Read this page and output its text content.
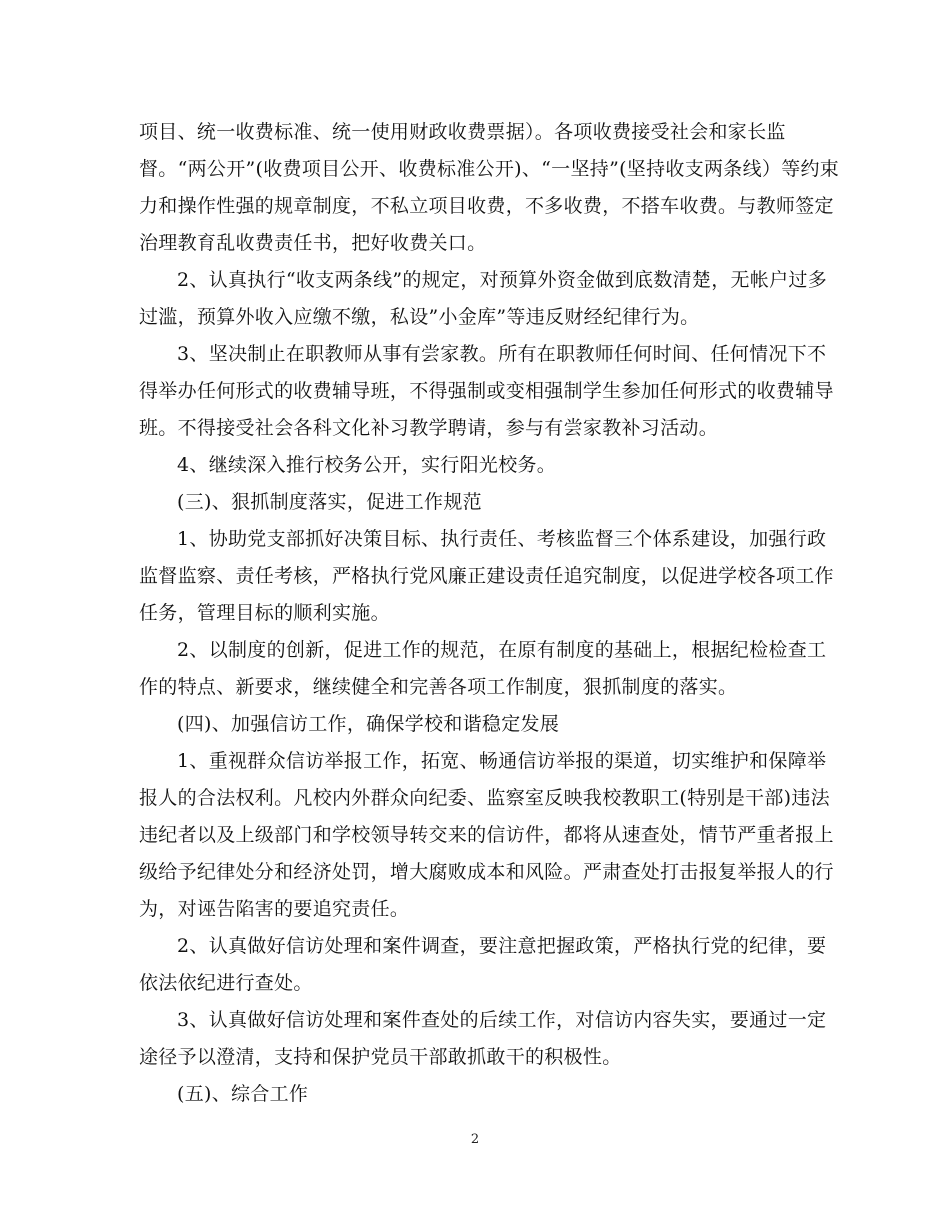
项目、统一收费标准、统一使用财政收费票据）。各项收费接受社会和家长监
督。“两公开”(收费项目公开、收费标准公开)、“一坚持”(坚持收支两条线）等约束
力和操作性强的规章制度，不私立项目收费，不多收费，不搭车收费。与教师签定
治理教育乱收费责任书，把好收费关口。
2、认真执行“收支两条线”的规定，对预算外资金做到底数清楚，无帐户过多
过滥，预算外收入应缴不缴，私设”小金库”等违反财经纪律行为。
3、坚决制止在职教师从事有尝家教。所有在职教师任何时间、任何情况下不
得举办任何形式的收费辅导班，不得强制或变相强制学生参加任何形式的收费辅导
班。不得接受社会各科文化补习教学聘请，参与有尝家教补习活动。
4、继续深入推行校务公开，实行阳光校务。
(三)、狠抓制度落实，促进工作规范
1、协助党支部抓好决策目标、执行责任、考核监督三个体系建设，加强行政
监督监察、责任考核，严格执行党风廉正建设责任追究制度，以促进学校各项工作
任务，管理目标的顺利实施。
2、以制度的创新，促进工作的规范，在原有制度的基础上，根据纪检检查工
作的特点、新要求，继续健全和完善各项工作制度，狠抓制度的落实。
(四)、加强信访工作，确保学校和谐稳定发展
1、重视群众信访举报工作，拓宽、畅通信访举报的渠道，切实维护和保障举
报人的合法权利。凡校内外群众向纪委、监察室反映我校教职工(特别是干部)违法
违纪者以及上级部门和学校领导转交来的信访件，都将从速查处，情节严重者报上
级给予纪律处分和经济处罚，增大腐败成本和风险。严肃查处打击报复举报人的行
为，对诬告陷害的要追究责任。
2、认真做好信访处理和案件调查，要注意把握政策，严格执行党的纪律，要
依法依纪进行查处。
3、认真做好信访处理和案件查处的后续工作，对信访内容失实，要通过一定
途径予以澄清，支持和保护党员干部敢抓敢干的积极性。
(五)、综合工作
2
